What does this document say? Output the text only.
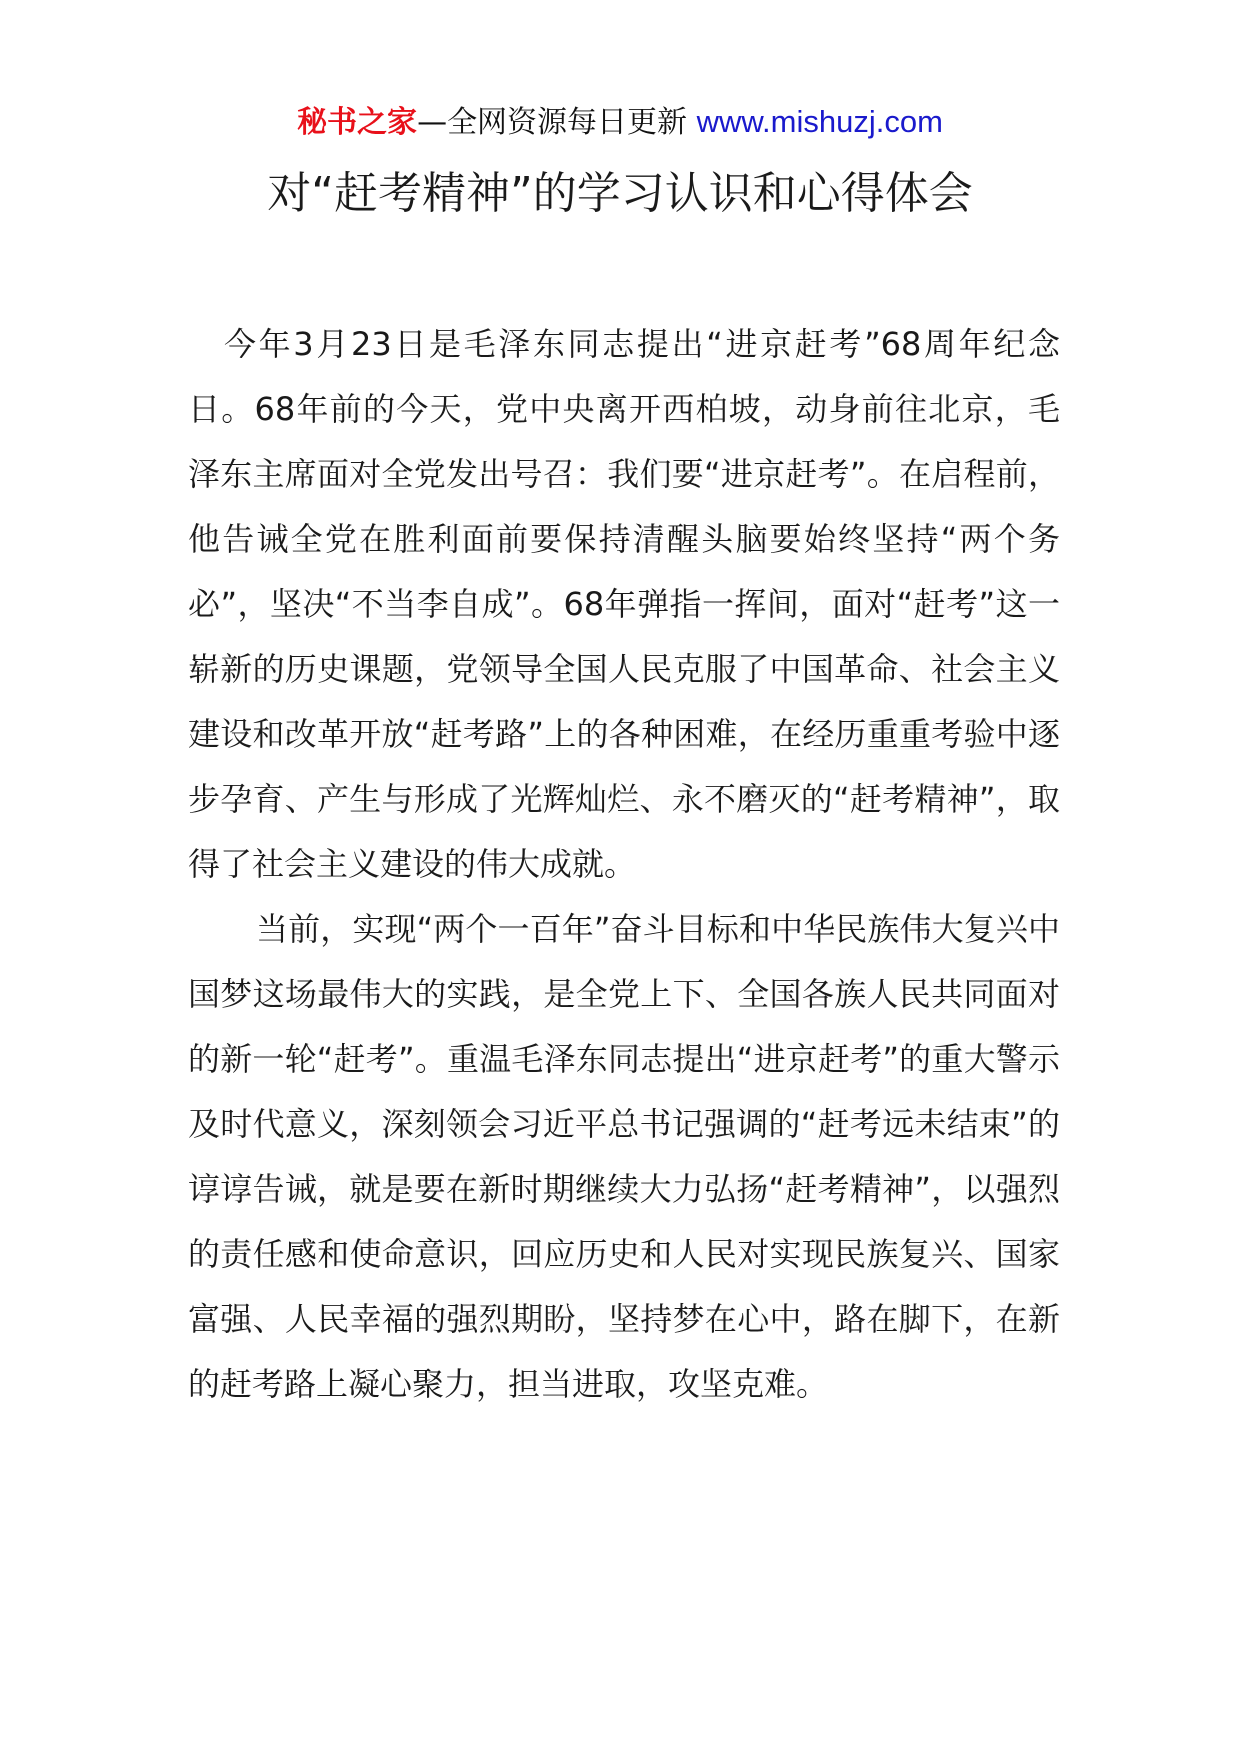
秘书之家—全网资源每日更新 www.mishuzj.com
对“赶考精神”的学习认识和心得体会

今年3月23日是毛泽东同志提出“进京赶考”68周年纪念日。68年前的今天，党中央离开西柏坡，动身前往北京，毛泽东主席面对全党发出号召：我们要“进京赶考”。在启程前，他告诫全党在胜利面前要保持清醒头脑要始终坚持“两个务必”，坚决“不当李自成”。68年弹指一挥间，面对“赶考”这一崭新的历史课题，党领导全国人民克服了中国革命、社会主义建设和改革开放“赶考路”上的各种困难，在经历重重考验中逐步孕育、产生与形成了光辉灿烂、永不磨灭的“赶考精神”，取得了社会主义建设的伟大成就。

当前，实现“两个一百年”奋斗目标和中华民族伟大复兴中国梦这场最伟大的实践，是全党上下、全国各族人民共同面对的新一轮“赶考”。重温毛泽东同志提出“进京赶考”的重大警示及时代意义，深刻领会习近平总书记强调的“赶考远未结束”的谆谆告诫，就是要在新时期继续大力弘扬“赶考精神”，以强烈的责任感和使命意识，回应历史和人民对实现民族复兴、国家富强、人民幸福的强烈期盼，坚持梦在心中，路在脚下，在新的赶考路上凝心聚力，担当进取，攻坚克难。
